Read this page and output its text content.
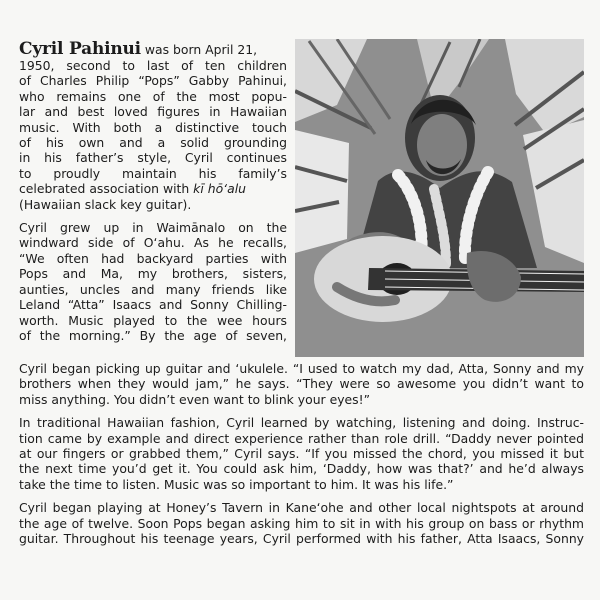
Cyril Pahinui was born April 21,
1950, second to last of ten children
of Charles Philip “Pops” Gabby Pahinui,
who remains one of the most popu-
lar and best loved figures in Hawaiian
music. With both a distinctive touch
of his own and a solid grounding
in his father’s style, Cyril continues
to proudly maintain his family’s
celebrated association with kī hō‘alu
(Hawaiian slack key guitar).

Cyril grew up in Waimānalo on the
windward side of O‘ahu. As he recalls,
“We often had backyard parties with
Pops and Ma, my brothers, sisters,
aunties, uncles and many friends like
Leland “Atta” Isaacs and Sonny Chilling-
worth. Music played to the wee hours
of the morning.” By the age of seven,

Cyril began picking up guitar and ‘ukulele. “I used to watch my dad, Atta, Sonny and my
brothers when they would jam,” he says. “They were so awesome you didn’t want to
miss anything. You didn’t even want to blink your eyes!”

In traditional Hawaiian fashion, Cyril learned by watching, listening and doing. Instruc-
tion came by example and direct experience rather than role drill. “Daddy never pointed
at our fingers or grabbed them,” Cyril says. “If you missed the chord, you missed it but
the next time you’d get it. You could ask him, ‘Daddy, how was that?’ and he’d always
take the time to listen. Music was so important to him. It was his life.”

Cyril began playing at Honey’s Tavern in Kane‘ohe and other local nightspots at around
the age of twelve. Soon Pops began asking him to sit in with his group on bass or rhythm
guitar. Throughout his teenage years, Cyril performed with his father, Atta Isaacs, Sonny
